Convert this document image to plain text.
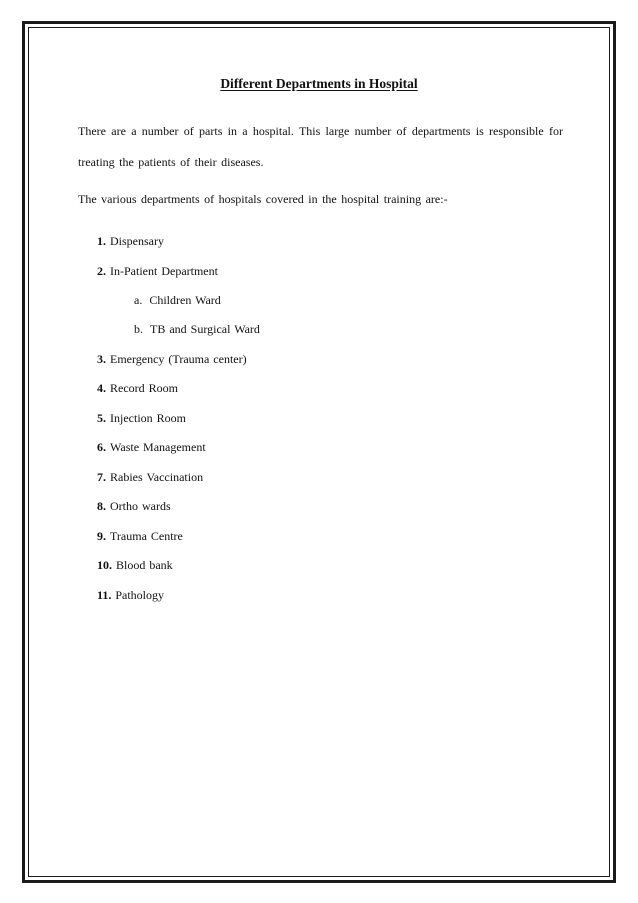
Different Departments in Hospital
There are a number of parts in a hospital. This large number of departments is responsible for
treating the patients of their diseases.
The various departments of hospitals covered in the hospital training are:-
1. Dispensary
2. In-Patient Department
a. Children Ward
b. TB and Surgical Ward
3. Emergency (Trauma center)
4. Record Room
5. Injection Room
6. Waste Management
7. Rabies Vaccination
8. Ortho wards
9. Trauma Centre
10. Blood bank
11. Pathology
